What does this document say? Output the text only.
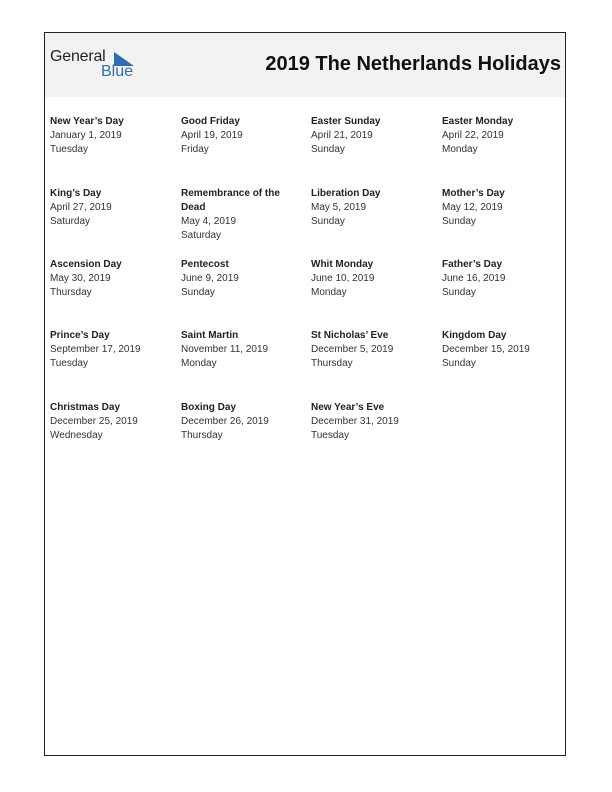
General
Blue	2019 The Netherlands Holidays
New Year’s Day
January 1, 2019
Tuesday
Good Friday
April 19, 2019
Friday
Easter Sunday
April 21, 2019
Sunday
Easter Monday
April 22, 2019
Monday
King’s Day
April 27, 2019
Saturday
Remembrance of the Dead
May 4, 2019
Saturday
Liberation Day
May 5, 2019
Sunday
Mother’s Day
May 12, 2019
Sunday
Ascension Day
May 30, 2019
Thursday
Pentecost
June 9, 2019
Sunday
Whit Monday
June 10, 2019
Monday
Father’s Day
June 16, 2019
Sunday
Prince’s Day
September 17, 2019
Tuesday
Saint Martin
November 11, 2019
Monday
St Nicholas’ Eve
December 5, 2019
Thursday
Kingdom Day
December 15, 2019
Sunday
Christmas Day
December 25, 2019
Wednesday
Boxing Day
December 26, 2019
Thursday
New Year’s Eve
December 31, 2019
Tuesday
